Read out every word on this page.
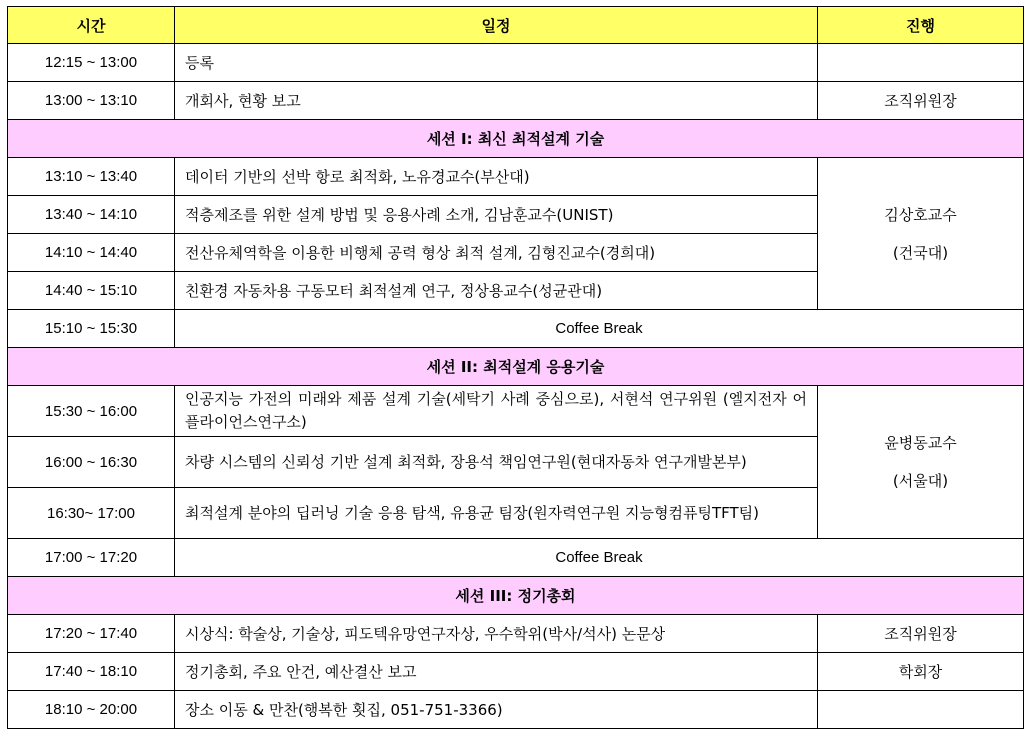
시간	일정	진행
12:15 ~ 13:00	등록	
13:00 ~ 13:10	개회사, 현황 보고	조직위원장
세션 I: 최신 최적설계 기술		
13:10 ~ 13:40	데이터 기반의 선박 항로 최적화, 노유경교수(부산대)	김상호교수
(건국대)

13:40 ~ 14:10	적층제조를 위한 설계 방법 및 응용사례 소개, 김남훈교수(UNIST)	
14:10 ~ 14:40	전산유체역학을 이용한 비행체 공력 형상 최적 설계, 김형진교수(경희대)	
14:40 ~ 15:10	친환경 자동차용 구동모터 최적설계 연구, 정상용교수(성균관대)	
15:10 ~ 15:30	Coffee Break	
세션 II: 최적설계 응용기술		
15:30 ~ 16:00	인공지능 가전의 미래와 제품 설계 기술(세탁기 사례 중심으로), 서현석 연구위원 (엘지전자 어플라이언스연구소)	윤병동교수
(서울대)

16:00 ~ 16:30	차량 시스템의 신뢰성 기반 설계 최적화, 장용석 책임연구원(현대자동차 연구개발본부)	
16:30~ 17:00	최적설계 분야의 딥러닝 기술 응용 탐색, 유용균 팀장(원자력연구원 지능형컴퓨팅TFT팀)	
17:00 ~ 17:20	Coffee Break	
세션 III: 정기총회		
17:20 ~ 17:40	시상식: 학술상, 기술상, 피도텍유망연구자상, 우수학위(박사/석사) 논문상	조직위원장
17:40 ~ 18:10	정기총회, 주요 안건, 예산결산 보고	학회장
18:10 ~ 20:00	장소 이동 & 만찬(행복한 횟집, 051-751-3366)	
